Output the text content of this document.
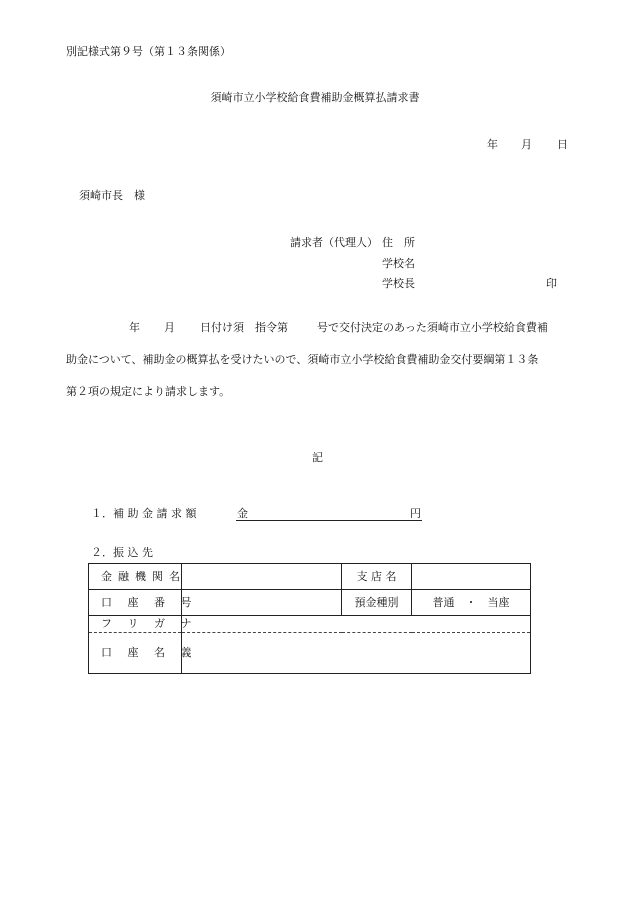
別記様式第９号（第１３条関係）
須崎市立小学校給食費補助金概算払請求書
年 月 日
須崎市長　様
請求者（代理人） 住　所
学校名
学校長	印
年 月 日付け須　指令第	号で交付決定のあった須崎市立小学校給食費補
助金について、補助金の概算払を受けたいので、須崎市立小学校給食費補助金交付要綱第１３条
第２項の規定により請求します。
記
１．補 助 金 請 求 額	金	円
２．振 込 先
金融機関名		支 店 名	
口 座 番 号		預金種別	普通　・　当座
フ リ ガ ナ			
口 座 名 義			
